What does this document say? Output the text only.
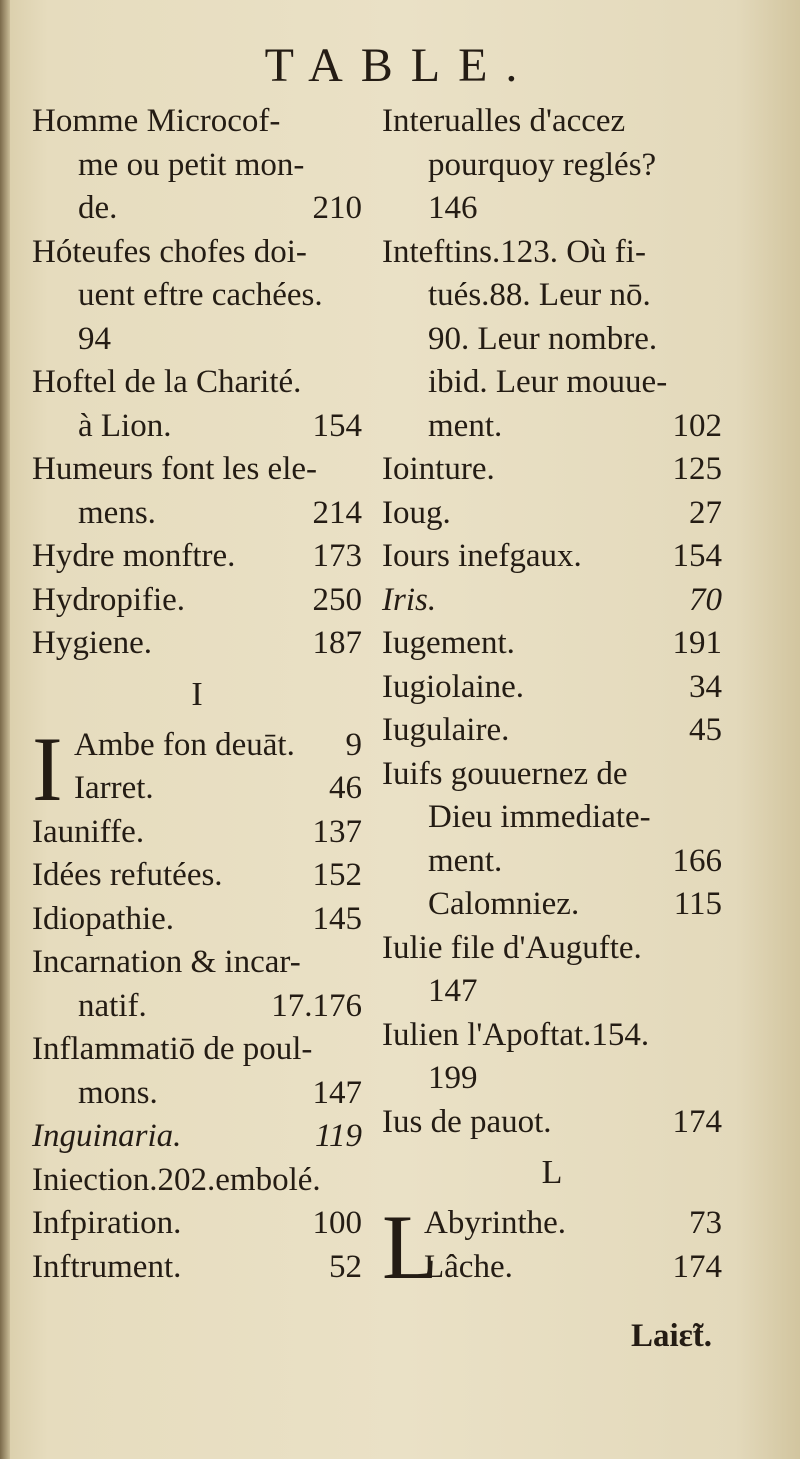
TABLE.
Homme Microcof-
me ou petit mon-
de.	210
Hóteufes chofes doi-
uent eftre cachées.
94
Hoftel de la Charité.
à Lion.	154
Humeurs font les ele-
mens.	214
Hydre monftre.	173
Hydropifie.	250
Hygiene.	187
I
I Ambe fon deuāt.	9
Iarret.	46
Iauniffe.	137
Idées refutées.	152
Idiopathie.	145
Incarnation & incar-
natif.	17.176
Inflammatiō de poul-
mons.	147
Inguinaria.	119
Iniection.202.embolé.
Infpiration.	100
Inftrument.	52
Interualles d'accez
pourquoy reglés?
146
Inteftins.123. Où fi-
tués.88. Leur nō.
90. Leur nombre.
ibid. Leur mouue-
ment.	102
Iointure.	125
Ioug.	27
Iours inefgaux.	154
Iris.	70
Iugement.	191
Iugiolaine.	34
Iugulaire.	45
Iuifs gouuernez de
Dieu immediate-
ment.	166
Calomniez.	115
Iulie file d'Augufte.
147
Iulien l'Apoftat.154.
199
Ius de pauot.	174
L
L
Abyrinthe.	73
Lâche.	174
Laiɛ̃t.
